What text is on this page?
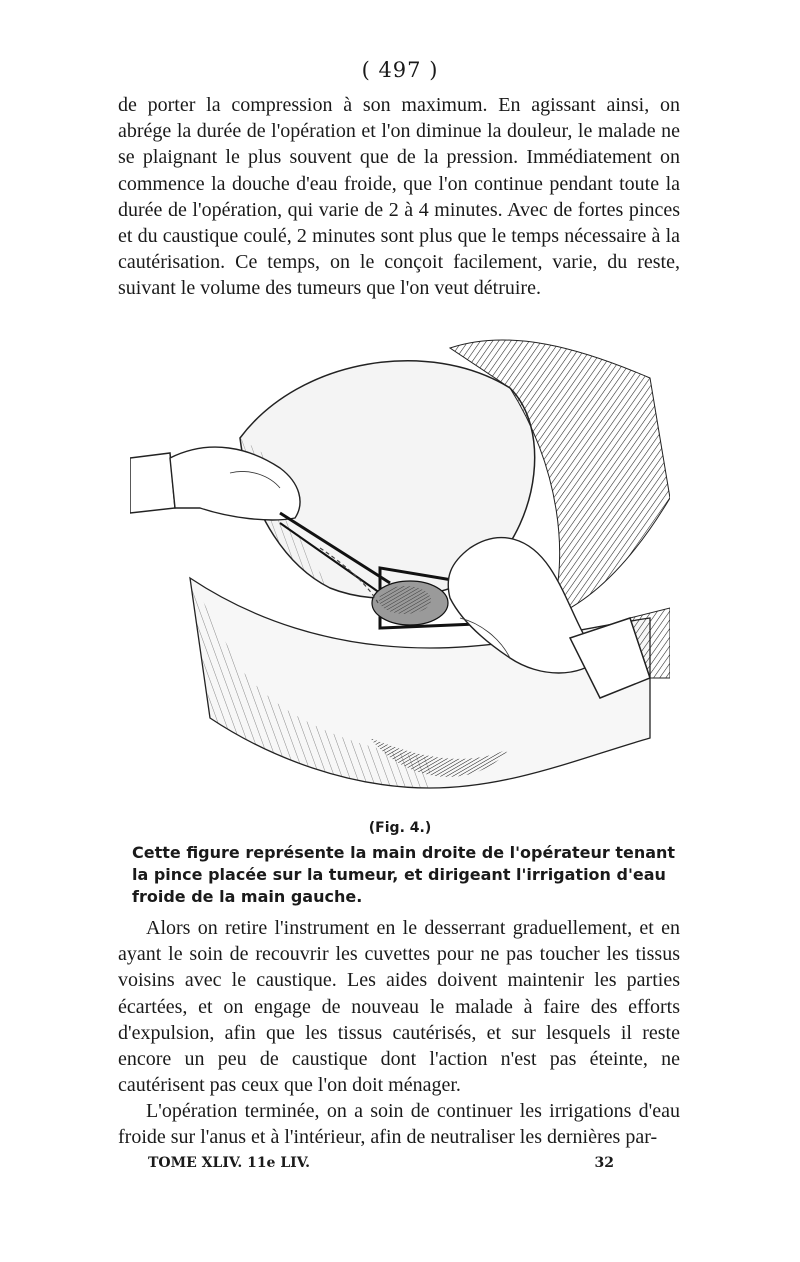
( 497 )

de porter la compression à son maximum. En agissant ainsi, on abrége la durée de l'opération et l'on diminue la douleur, le malade ne se plaignant le plus souvent que de la pression. Immédiatement on commence la douche d'eau froide, que l'on continue pendant toute la durée de l'opération, qui varie de 2 à 4 minutes. Avec de fortes pinces et du caustique coulé, 2 minutes sont plus que le temps nécessaire à la cautérisation. Ce temps, on le conçoit facilement, varie, du reste, suivant le volume des tumeurs que l'on veut détruire.

(Fig. 4.)

Cette figure représente la main droite de l'opérateur tenant la pince placée sur la tumeur, et dirigeant l'irrigation d'eau froide de la main gauche.

Alors on retire l'instrument en le desserrant graduellement, et en ayant le soin de recouvrir les cuvettes pour ne pas toucher les tissus voisins avec le caustique. Les aides doivent maintenir les parties écartées, et on engage de nouveau le malade à faire des efforts d'expulsion, afin que les tissus cautérisés, et sur lesquels il reste encore un peu de caustique dont l'action n'est pas éteinte, ne cautérisent pas ceux que l'on doit ménager.

L'opération terminée, on a soin de continuer les irrigations d'eau froide sur l'anus et à l'intérieur, afin de neutraliser les dernières par-

TOME XLIV. 11e LIV.	32
